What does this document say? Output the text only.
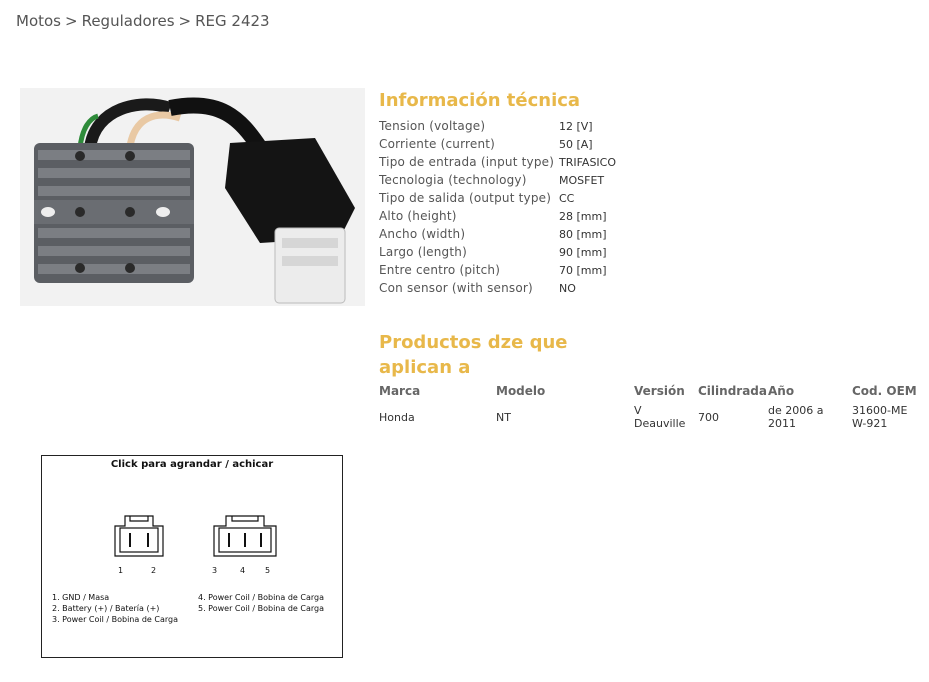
Motos > Reguladores > REG 2423
Información técnica
Tension (voltage)	12 [V]
Corriente (current)	50 [A]
Tipo de entrada (input type)	TRIFASICO
Tecnologia (technology)	MOSFET
Tipo de salida (output type)	CC
Alto (height)	28 [mm]
Ancho (width)	80 [mm]
Largo (length)	90 [mm]
Entre centro (pitch)	70 [mm]
Con sensor (with sensor)	NO
Productos dze que aplican a
Marca	Modelo	Versión	Cilindrada	Año	Cod. OEM
Honda	NT	V Deauville	700	de 2006 a 2011	31600-MEW-921
Click para agrandar / achicar
1	2	3	4 5
1. GND / Masa
2. Battery (+) / Batería (+)
3. Power Coil / Bobina de Carga
4. Power Coil / Bobina de Carga
5. Power Coil / Bobina de Carga
